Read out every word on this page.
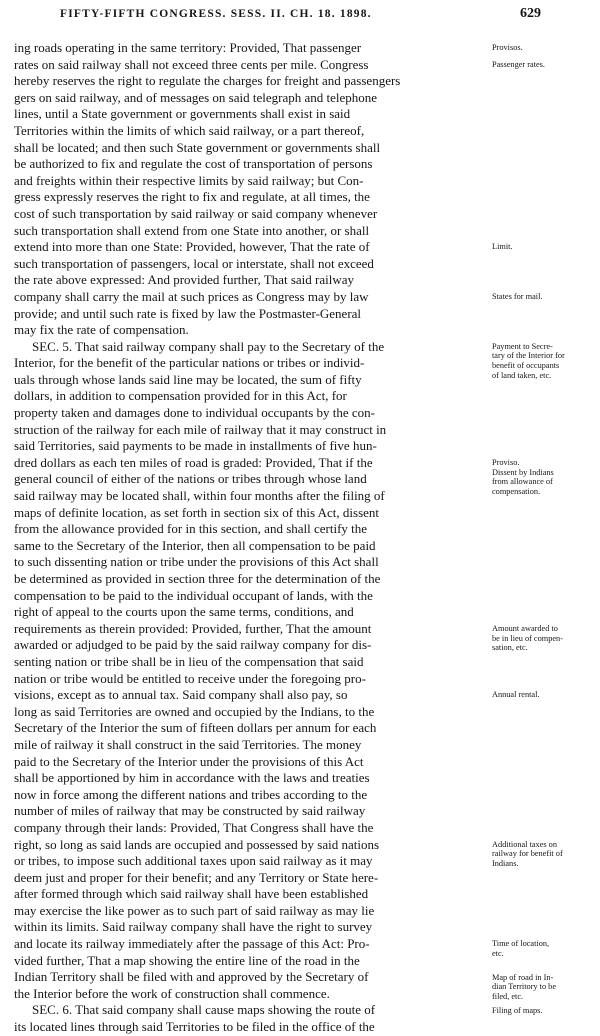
FIFTY-FIFTH CONGRESS. SESS. II. CH. 18. 1898.	629
ing roads operating in the same territory: Provided, That passenger
rates on said railway shall not exceed three cents per mile. Congress
hereby reserves the right to regulate the charges for freight and passengers
gers on said railway, and of messages on said telegraph and telephone
lines, until a State government or governments shall exist in said
Territories within the limits of which said railway, or a part thereof,
shall be located; and then such State government or governments shall
be authorized to fix and regulate the cost of transportation of persons
and freights within their respective limits by said railway; but Con-
gress expressly reserves the right to fix and regulate, at all times, the
cost of such transportation by said railway or said company whenever
such transportation shall extend from one State into another, or shall
extend into more than one State: Provided, however, That the rate of
such transportation of passengers, local or interstate, shall not exceed
the rate above expressed: And provided further, That said railway
company shall carry the mail at such prices as Congress may by law
provide; and until such rate is fixed by law the Postmaster-General
may fix the rate of compensation.
SEC. 5. That said railway company shall pay to the Secretary of the
Interior, for the benefit of the particular nations or tribes or individ-
uals through whose lands said line may be located, the sum of fifty
dollars, in addition to compensation provided for in this Act, for
property taken and damages done to individual occupants by the con-
struction of the railway for each mile of railway that it may construct in
said Territories, said payments to be made in installments of five hun-
dred dollars as each ten miles of road is graded: Provided, That if the
general council of either of the nations or tribes through whose land
said railway may be located shall, within four months after the filing of
maps of definite location, as set forth in section six of this Act, dissent
from the allowance provided for in this section, and shall certify the
same to the Secretary of the Interior, then all compensation to be paid
to such dissenting nation or tribe under the provisions of this Act shall
be determined as provided in section three for the determination of the
compensation to be paid to the individual occupant of lands, with the
right of appeal to the courts upon the same terms, conditions, and
requirements as therein provided: Provided, further, That the amount
awarded or adjudged to be paid by the said railway company for dis-
senting nation or tribe shall be in lieu of the compensation that said
nation or tribe would be entitled to receive under the foregoing pro-
visions, except as to annual tax. Said company shall also pay, so
long as said Territories are owned and occupied by the Indians, to the
Secretary of the Interior the sum of fifteen dollars per annum for each
mile of railway it shall construct in the said Territories. The money
paid to the Secretary of the Interior under the provisions of this Act
shall be apportioned by him in accordance with the laws and treaties
now in force among the different nations and tribes according to the
number of miles of railway that may be constructed by said railway
company through their lands: Provided, That Congress shall have the
right, so long as said lands are occupied and possessed by said nations
or tribes, to impose such additional taxes upon said railway as it may
deem just and proper for their benefit; and any Territory or State here-
after formed through which said railway shall have been established
may exercise the like power as to such part of said railway as may lie
within its limits. Said railway company shall have the right to survey
and locate its railway immediately after the passage of this Act: Pro-
vided further, That a map showing the entire line of the road in the
Indian Territory shall be filed with and approved by the Secretary of
the Interior before the work of construction shall commence.
SEC. 6. That said company shall cause maps showing the route of
its located lines through said Territories to be filed in the office of the
Provisos.
Passenger rates.
Limit.
States for mail.
Payment to Secre-
tary of the Interior for
benefit of occupants
of land taken, etc.
Proviso.
Dissent by Indians
from allowance of
compensation.
Amount awarded to
be in lieu of compen-
sation, etc.
Annual rental.
Additional taxes on
railway for benefit of
Indians.
Time of location,
etc.
Map of road in In-
dian Territory to be
filed, etc.
Filing of maps.
